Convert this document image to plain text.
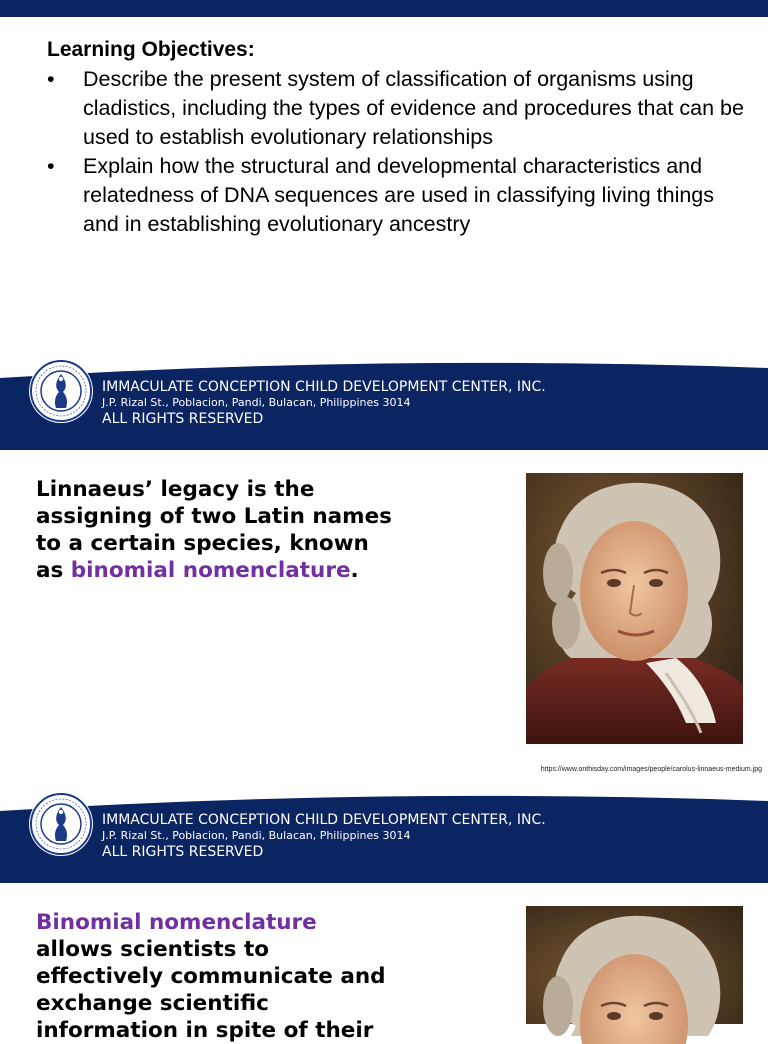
Learning Objectives:
• Describe the present system of classification of organisms using cladistics, including the types of evidence and procedures that can be used to establish evolutionary relationships
• Explain how the structural and developmental characteristics and relatedness of DNA sequences are used in classifying living things and in establishing evolutionary ancestry
IMMACULATE CONCEPTION CHILD DEVELOPMENT CENTER, INC.
J.P. Rizal St., Poblacion, Pandi, Bulacan, Philippines 3014
ALL RIGHTS RESERVED
Linnaeus’ legacy is the assigning of two Latin names to a certain species, known as binomial nomenclature.
https://www.onthisday.com/images/people/carolus-linnaeus-medium.jpg
IMMACULATE CONCEPTION CHILD DEVELOPMENT CENTER, INC.
J.P. Rizal St., Poblacion, Pandi, Bulacan, Philippines 3014
ALL RIGHTS RESERVED
Binomial nomenclature allows scientists to effectively communicate and exchange scientific information in spite of their
